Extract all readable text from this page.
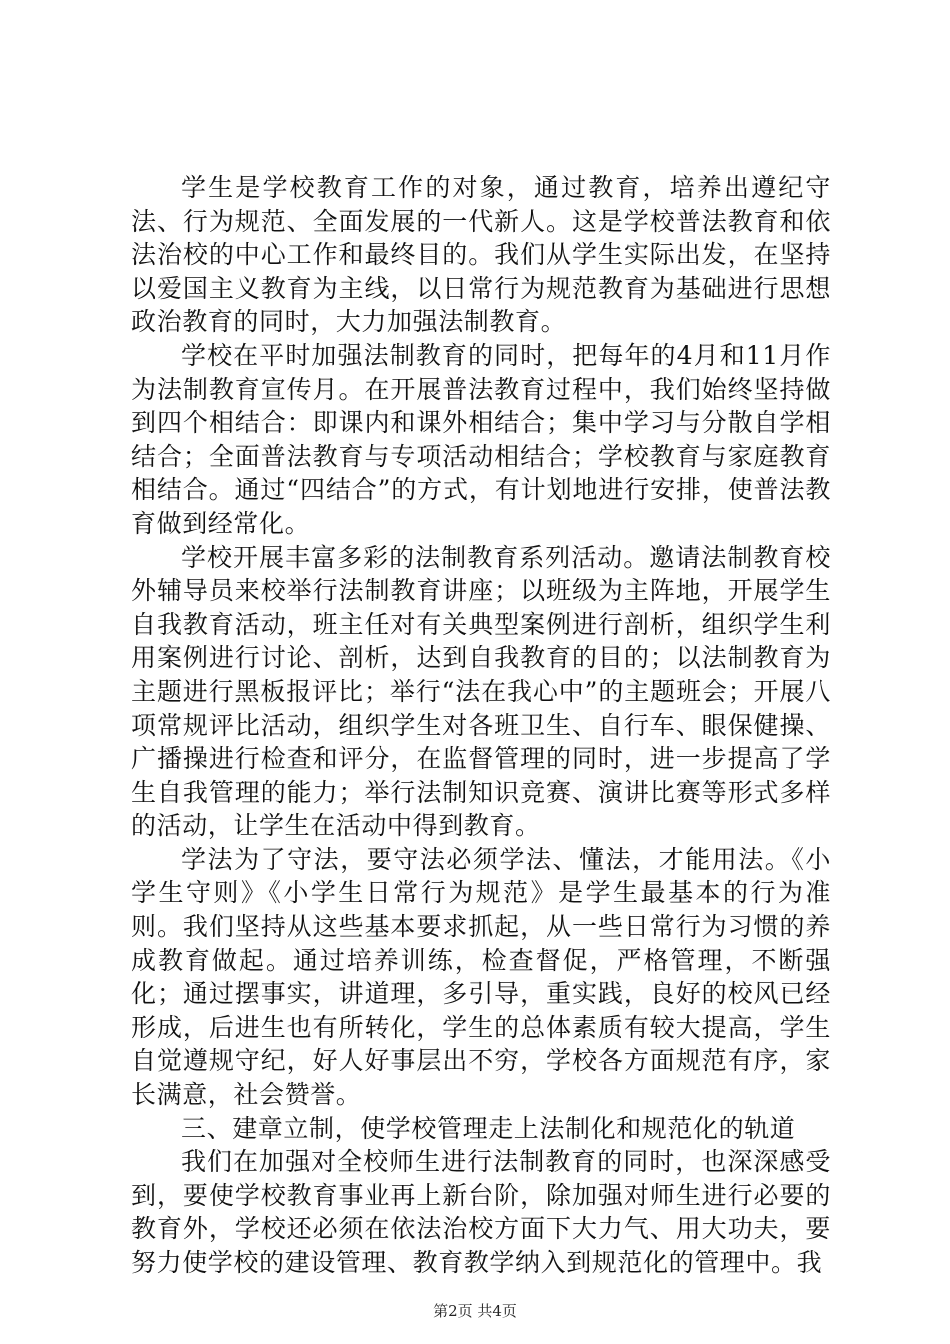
学生是学校教育工作的对象，通过教育，培养出遵纪守法、行为规范、全面发展的一代新人。这是学校普法教育和依法治校的中心工作和最终目的。我们从学生实际出发，在坚持以爱国主义教育为主线，以日常行为规范教育为基础进行思想政治教育的同时，大力加强法制教育。

学校在平时加强法制教育的同时，把每年的4月和11月作为法制教育宣传月。在开展普法教育过程中，我们始终坚持做到四个相结合：即课内和课外相结合；集中学习与分散自学相结合；全面普法教育与专项活动相结合；学校教育与家庭教育相结合。通过“四结合”的方式，有计划地进行安排，使普法教育做到经常化。

学校开展丰富多彩的法制教育系列活动。邀请法制教育校外辅导员来校举行法制教育讲座；以班级为主阵地，开展学生自我教育活动，班主任对有关典型案例进行剖析，组织学生利用案例进行讨论、剖析，达到自我教育的目的；以法制教育为主题进行黑板报评比；举行“法在我心中”的主题班会；开展八项常规评比活动，组织学生对各班卫生、自行车、眼保健操、广播操进行检查和评分，在监督管理的同时，进一步提高了学生自我管理的能力；举行法制知识竞赛、演讲比赛等形式多样的活动，让学生在活动中得到教育。

学法为了守法，要守法必须学法、懂法，才能用法。《小学生守则》《小学生日常行为规范》是学生最基本的行为准则。我们坚持从这些基本要求抓起，从一些日常行为习惯的养成教育做起。通过培养训练，检查督促，严格管理，不断强化；通过摆事实，讲道理，多引导，重实践，良好的校风已经形成，后进生也有所转化，学生的总体素质有较大提高，学生自觉遵规守纪，好人好事层出不穷，学校各方面规范有序，家长满意，社会赞誉。

三、建章立制，使学校管理走上法制化和规范化的轨道

我们在加强对全校师生进行法制教育的同时，也深深感受到，要使学校教育事业再上新台阶，除加强对师生进行必要的教育外，学校还必须在依法治校方面下大力气、用大功夫，要努力使学校的建设管理、教育教学纳入到规范化的管理中。我

第2页 共4页
